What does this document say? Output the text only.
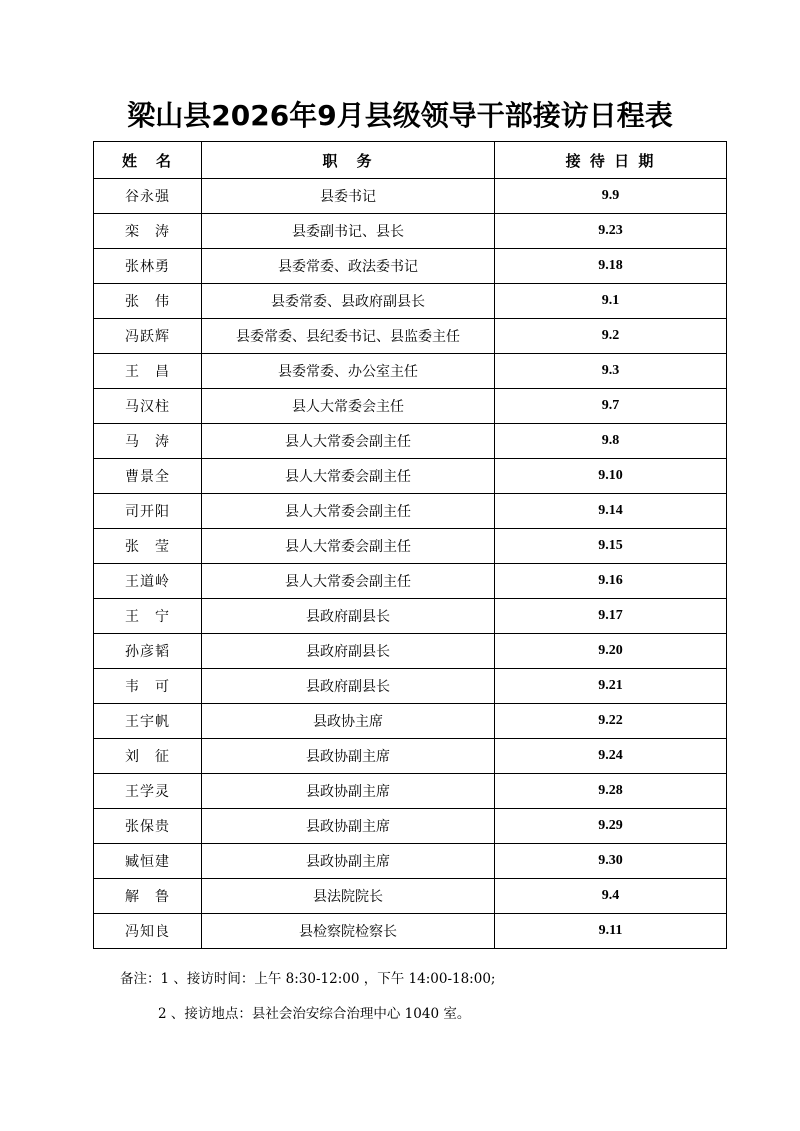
梁山县2026年9月县级领导干部接访日程表
姓　名	职　务	接 待 日 期
谷永强	县委书记	9.9
栾　涛	县委副书记、县长	9.23
张林勇	县委常委、政法委书记	9.18
张　伟	县委常委、县政府副县长	9.1
冯跃辉	县委常委、县纪委书记、县监委主任	9.2
王　昌	县委常委、办公室主任	9.3
马汉柱	县人大常委会主任	9.7
马　涛	县人大常委会副主任	9.8
曹景全	县人大常委会副主任	9.10
司开阳	县人大常委会副主任	9.14
张　莹	县人大常委会副主任	9.15
王道岭	县人大常委会副主任	9.16
王　宁	县政府副县长	9.17
孙彦韬	县政府副县长	9.20
韦　可	县政府副县长	9.21
王宇帆	县政协主席	9.22
刘　征	县政协副主席	9.24
王学灵	县政协副主席	9.28
张保贵	县政协副主席	9.29
臧恒建	县政协副主席	9.30
解　鲁	县法院院长	9.4
冯知良	县检察院检察长	9.11
备注：1 、接访时间：上午 8:30-12:00 ，下午 14:00-18:00;
2 、接访地点：县社会治安综合治理中心 1040 室。
